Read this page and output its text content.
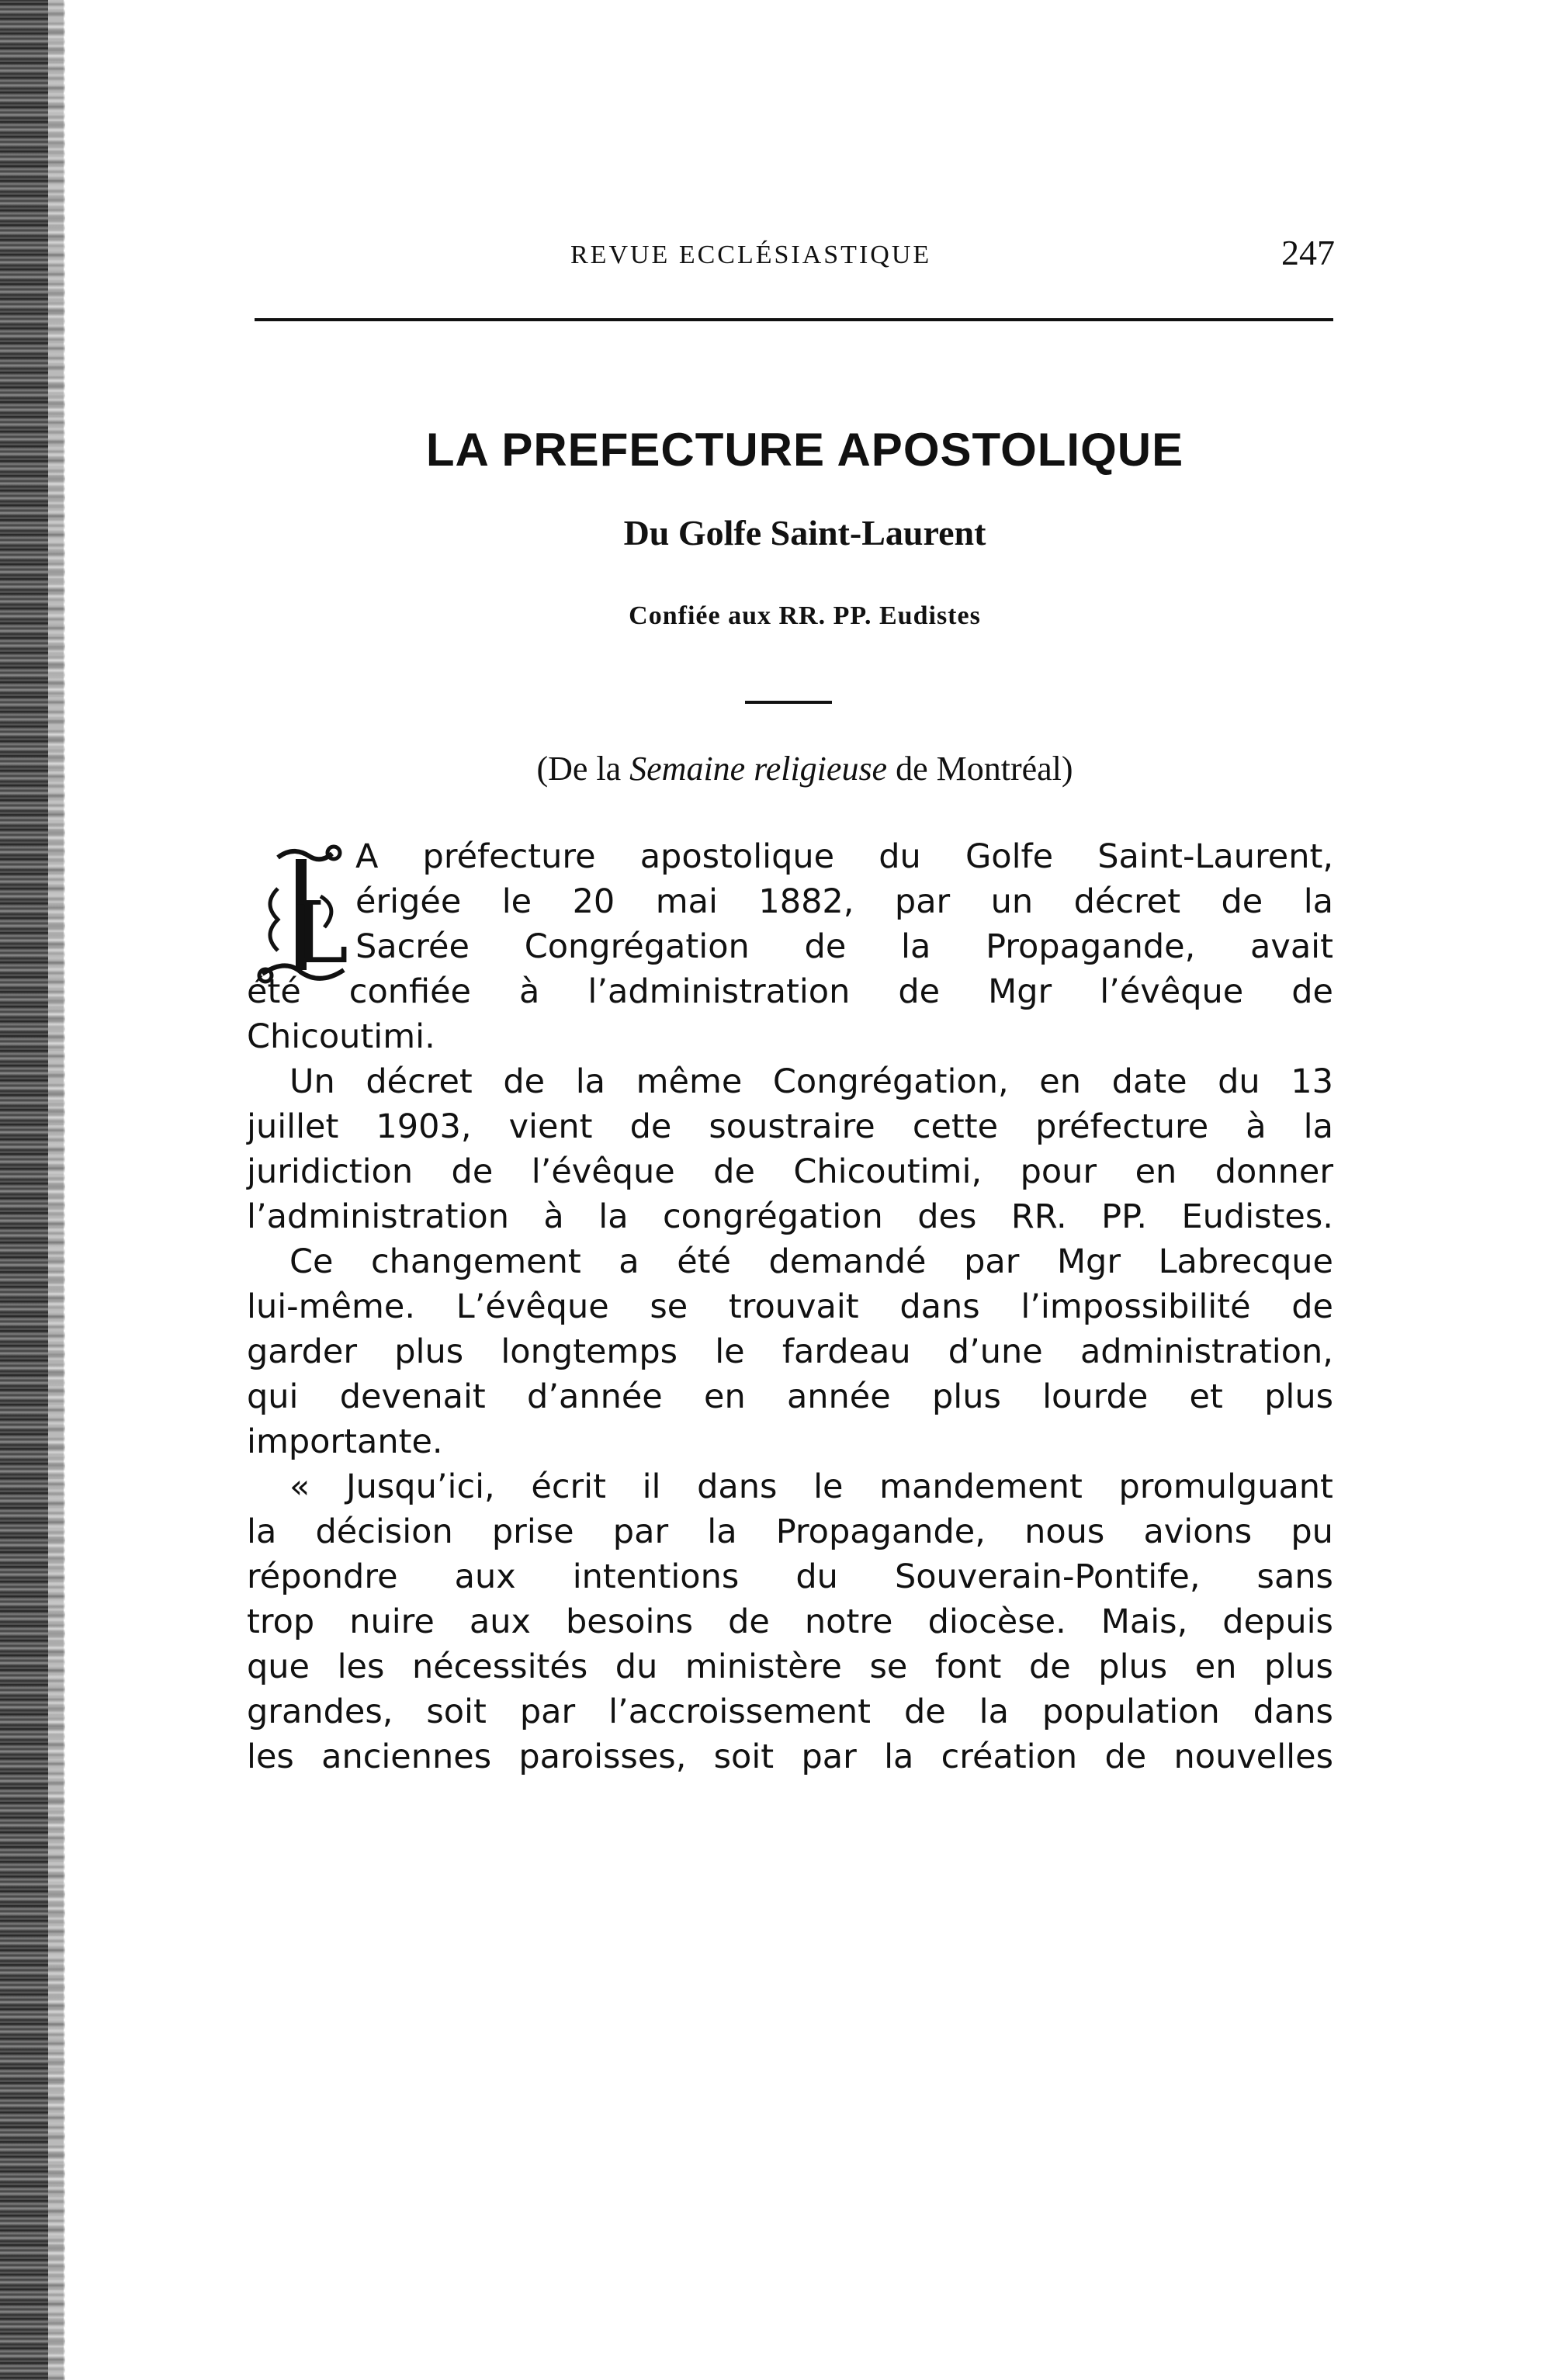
REVUE ECCLÉSIASTIQUE	247
LA PREFECTURE APOSTOLIQUE
Du Golfe Saint-Laurent
Confiée aux RR. PP. Eudistes
(De la Semaine religieuse de Montréal)
L
A préfecture apostolique du Golfe Saint-Laurent,
érigée le 20 mai 1882, par un décret de la
Sacrée Congrégation de la Propagande, avait
été confiée à l’administration de Mgr l’évêque de
Chicoutimi.
Un décret de la même Congrégation, en date du 13
juillet 1903, vient de soustraire cette préfecture à la
juridiction de l’évêque de Chicoutimi, pour en donner
l’administration à la congrégation des RR. PP. Eudistes.
Ce changement a été demandé par Mgr Labrecque
lui-même. L’évêque se trouvait dans l’impossibilité de
garder plus longtemps le fardeau d’une administration,
qui devenait d’année en année plus lourde et plus
importante.
« Jusqu’ici, écrit il dans le mandement promulguant
la décision prise par la Propagande, nous avions pu
répondre aux intentions du Souverain-Pontife, sans
trop nuire aux besoins de notre diocèse. Mais, depuis
que les nécessités du ministère se font de plus en plus
grandes, soit par l’accroissement de la population dans
les anciennes paroisses, soit par la création de nouvelles
